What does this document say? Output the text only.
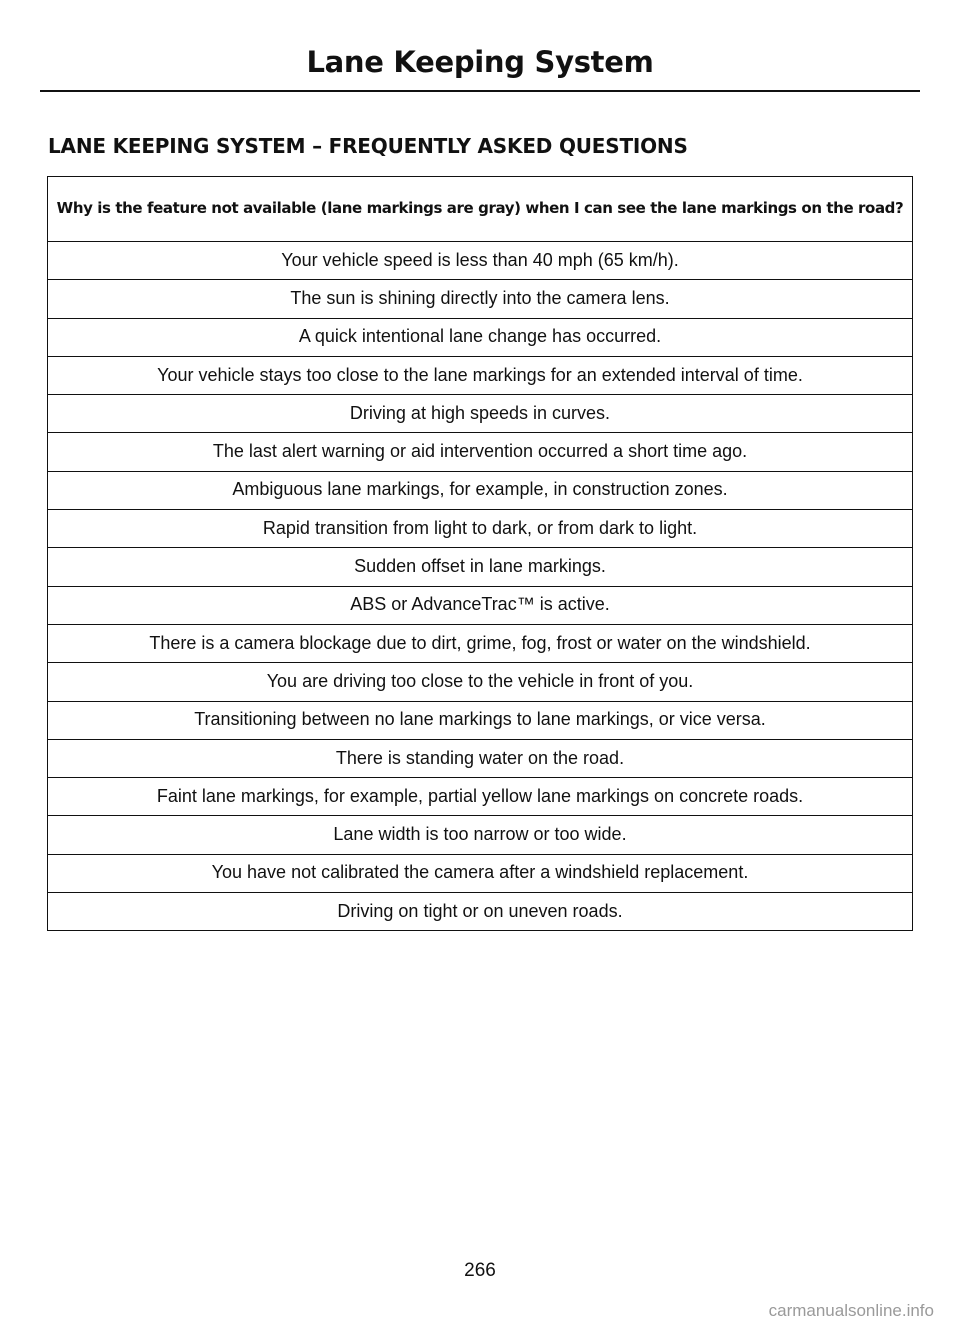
Lane Keeping System
LANE KEEPING SYSTEM – FREQUENTLY ASKED QUESTIONS
Why is the feature not available (lane markings are gray) when I can see the lane markings on the road?
Your vehicle speed is less than 40 mph (65 km/h).
The sun is shining directly into the camera lens.
A quick intentional lane change has occurred.
Your vehicle stays too close to the lane markings for an extended interval of time.
Driving at high speeds in curves.
The last alert warning or aid intervention occurred a short time ago.
Ambiguous lane markings, for example, in construction zones.
Rapid transition from light to dark, or from dark to light.
Sudden offset in lane markings.
ABS or AdvanceTrac™ is active.
There is a camera blockage due to dirt, grime, fog, frost or water on the windshield.
You are driving too close to the vehicle in front of you.
Transitioning between no lane markings to lane markings, or vice versa.
There is standing water on the road.
Faint lane markings, for example, partial yellow lane markings on concrete roads.
Lane width is too narrow or too wide.
You have not calibrated the camera after a windshield replacement.
Driving on tight or on uneven roads.
266
carmanualsonline.info
